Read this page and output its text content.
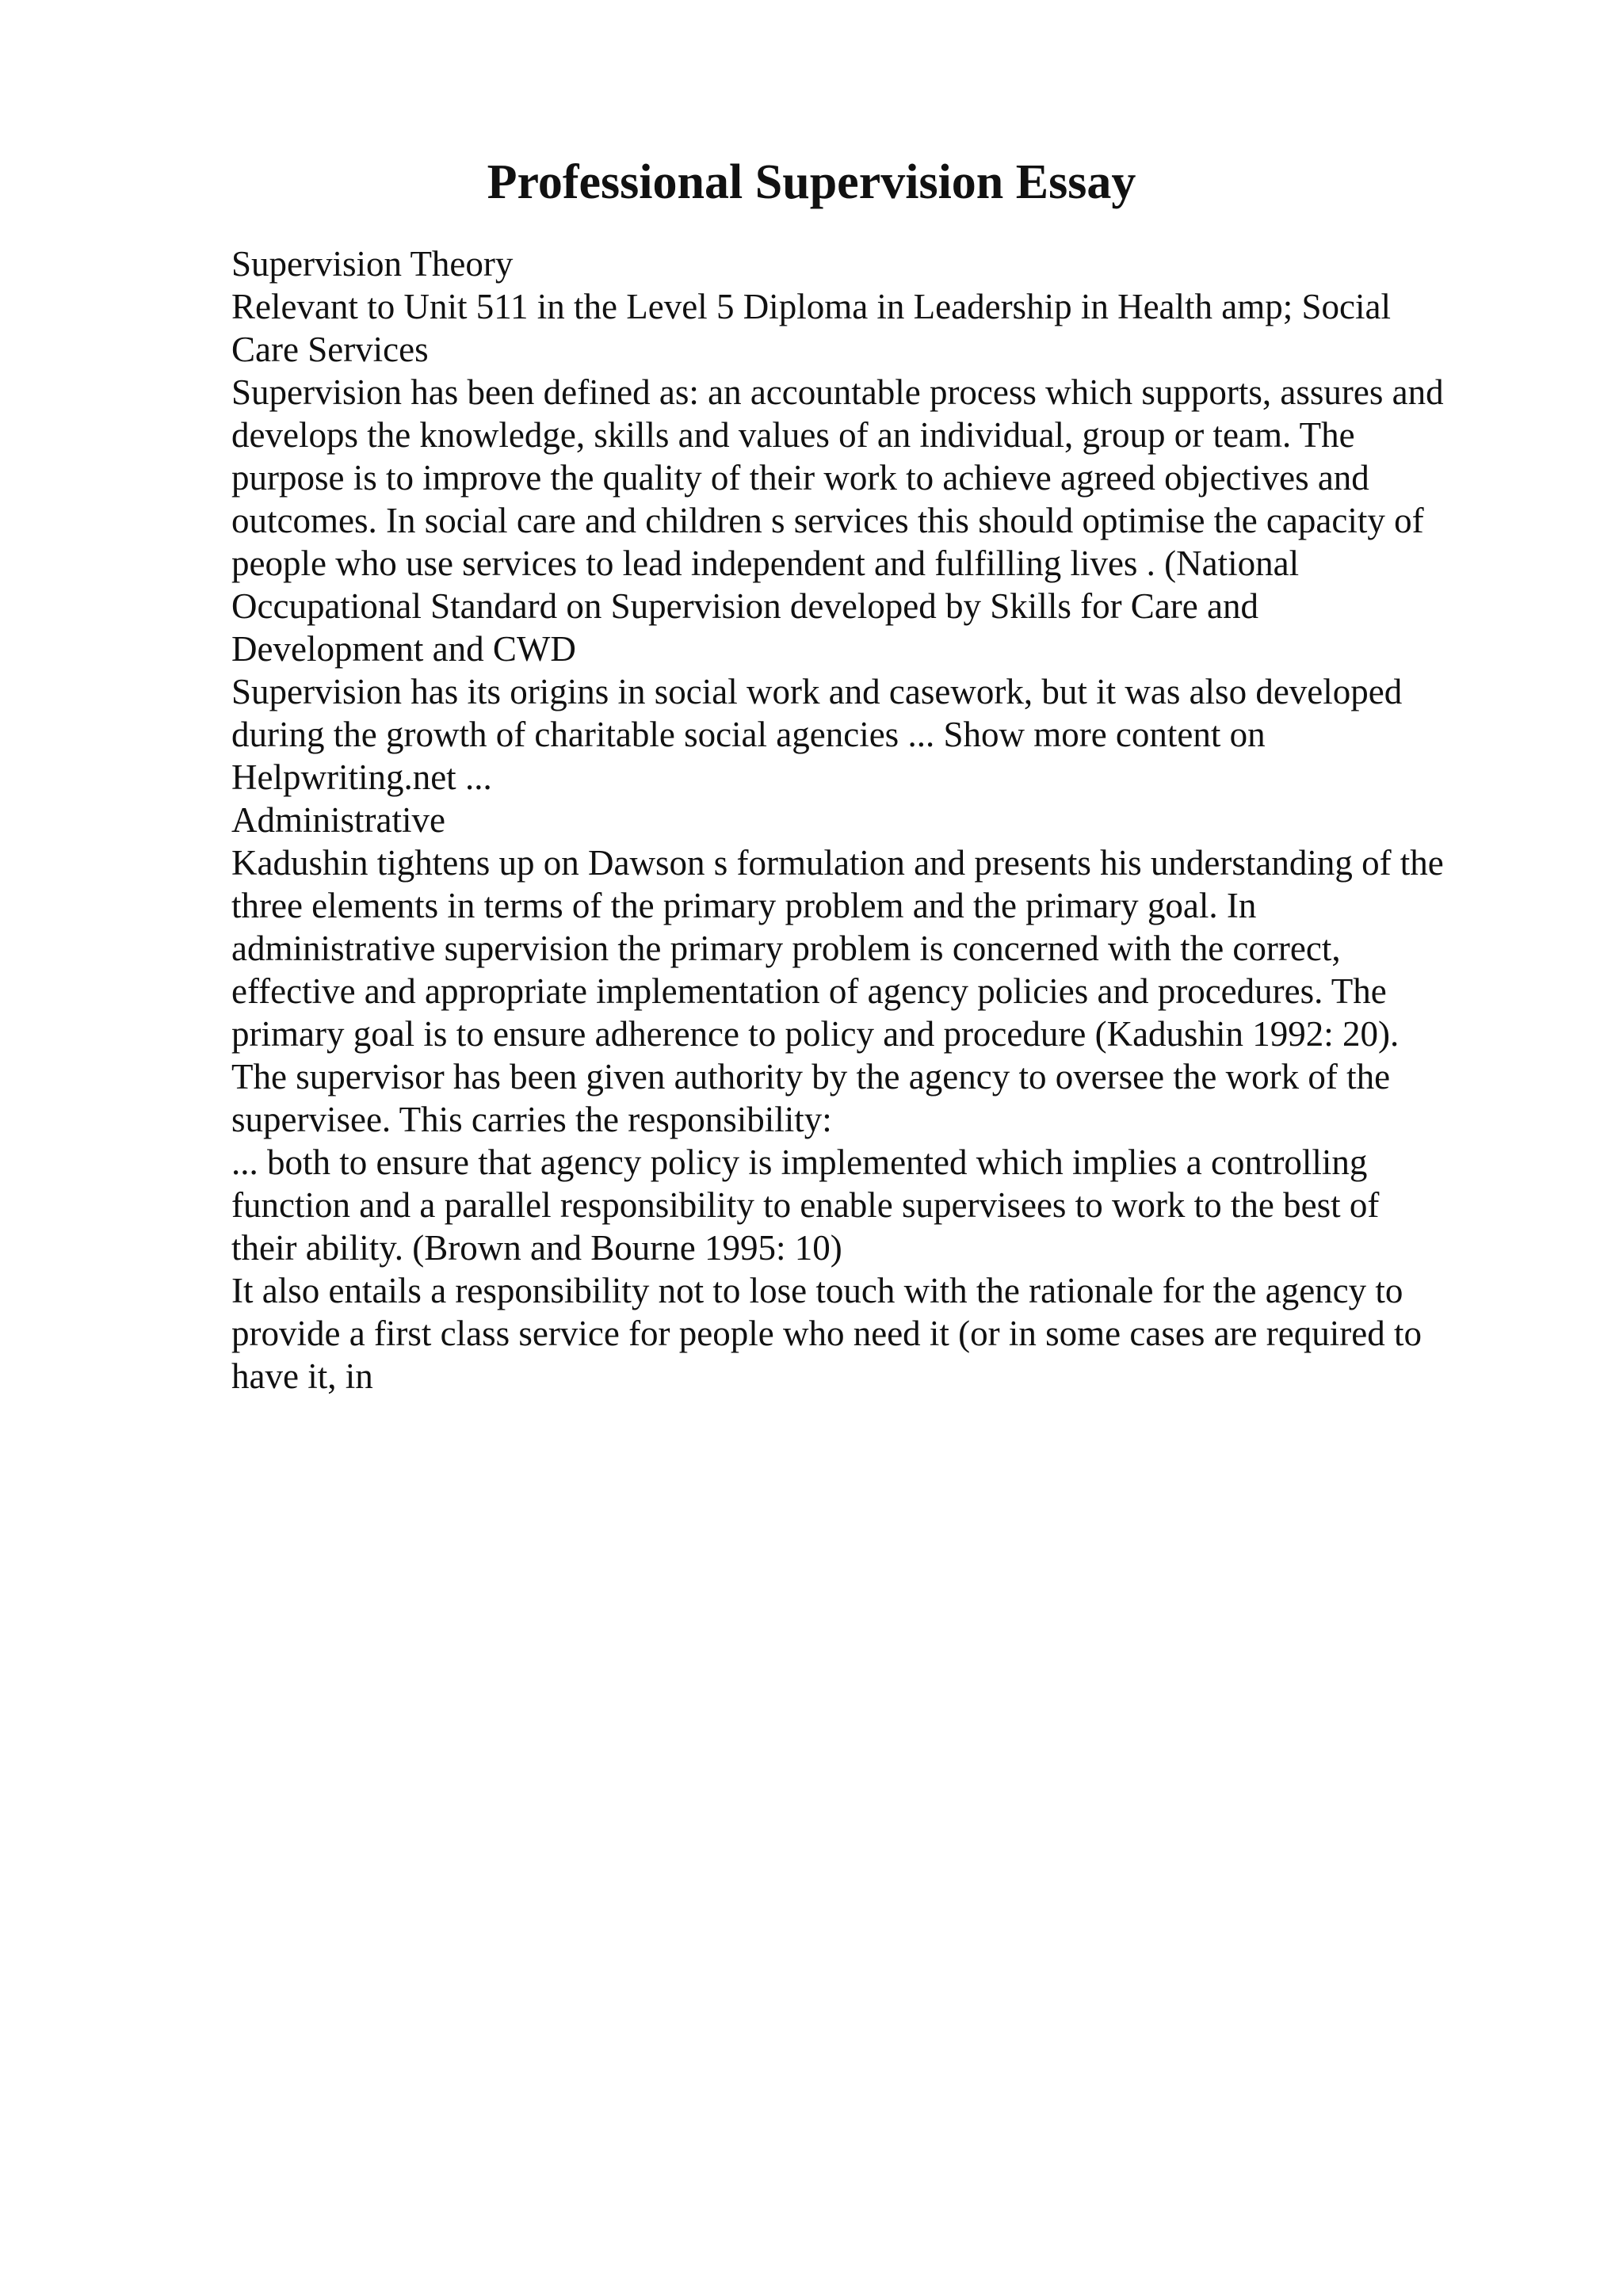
Professional Supervision Essay
Supervision Theory
Relevant to Unit 511 in the Level 5 Diploma in Leadership in Health amp; Social
Care Services
Supervision has been defined as: an accountable process which supports, assures and
develops the knowledge, skills and values of an individual, group or team. The
purpose is to improve the quality of their work to achieve agreed objectives and
outcomes. In social care and children s services this should optimise the capacity of
people who use services to lead independent and fulfilling lives . (National
Occupational Standard on Supervision developed by Skills for Care and
Development and CWD
Supervision has its origins in social work and casework, but it was also developed
during the growth of charitable social agencies ... Show more content on
Helpwriting.net ...
Administrative
Kadushin tightens up on Dawson s formulation and presents his understanding of the
three elements in terms of the primary problem and the primary goal. In
administrative supervision the primary problem is concerned with the correct,
effective and appropriate implementation of agency policies and procedures. The
primary goal is to ensure adherence to policy and procedure (Kadushin 1992: 20).
The supervisor has been given authority by the agency to oversee the work of the
supervisee. This carries the responsibility:
... both to ensure that agency policy is implemented which implies a controlling
function and a parallel responsibility to enable supervisees to work to the best of
their ability. (Brown and Bourne 1995: 10)
It also entails a responsibility not to lose touch with the rationale for the agency to
provide a first class service for people who need it (or in some cases are required to
have it, in
